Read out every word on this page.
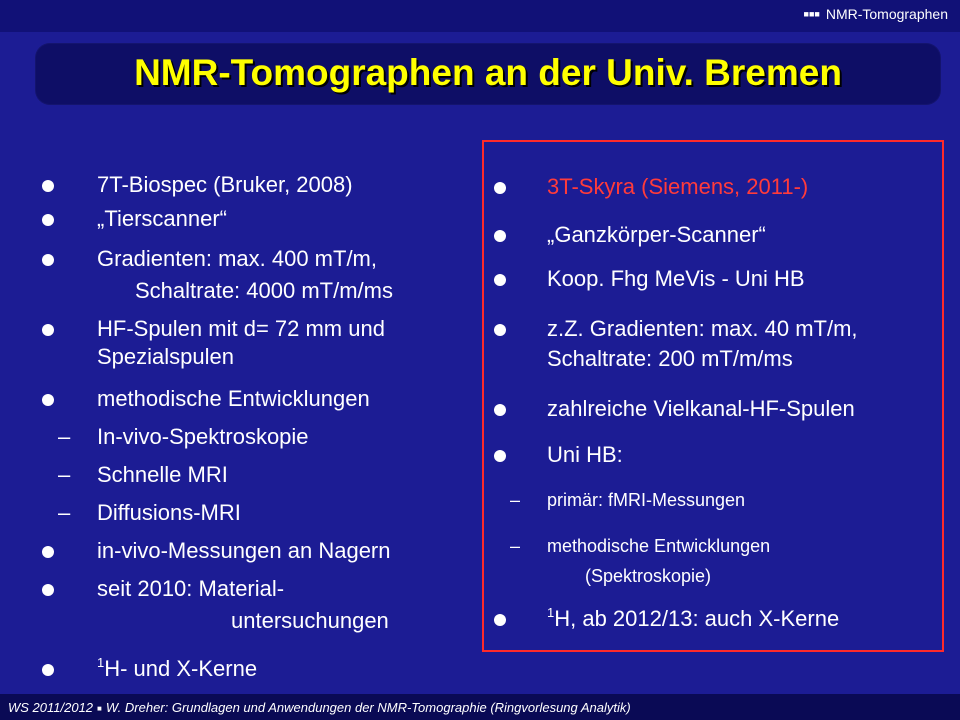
■■■ NMR-Tomographen
NMR-Tomographen an der Univ. Bremen
7T-Biospec (Bruker, 2008)
„Tierscanner“
Gradienten: max. 400 mT/m,
Schaltrate: 4000 mT/m/ms
HF-Spulen mit d= 72 mm und
Spezialspulen
methodische Entwicklungen
– In-vivo-Spektroskopie
– Schnelle MRI
– Diffusions-MRI
in-vivo-Messungen an Nagern
seit 2010: Material-
untersuchungen
$^1$H- und X-Kerne
3T-Skyra (Siemens, 2011-)
„Ganzkörper-Scanner“
Koop. Fhg MeVis - Uni HB
z.Z. Gradienten: max. 40 mT/m,
Schaltrate: 200 mT/m/ms
zahlreiche Vielkanal-HF-Spulen
Uni HB:
– primär: fMRI-Messungen
– methodische Entwicklungen
(Spektroskopie)
$^1$H, ab 2012/13: auch X-Kerne
WS 2011/2012 ■ W. Dreher: Grundlagen und Anwendungen der NMR-Tomographie (Ringvorlesung Analytik)
